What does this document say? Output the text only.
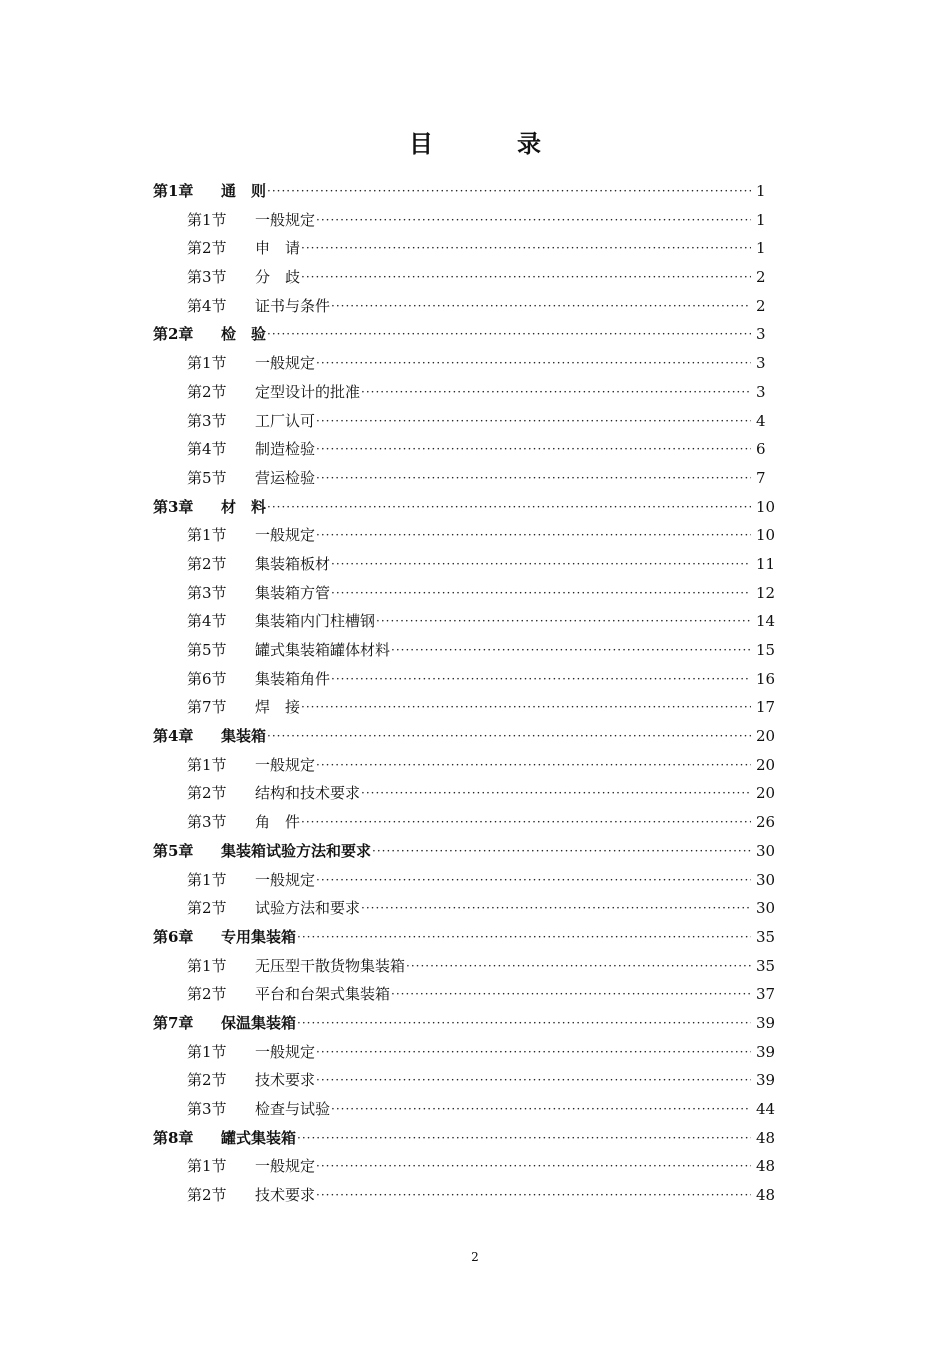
目　录
第1章 通　则 ·····	1
第1节 一般规定 ·····	1
第2节 申　请 ·····	1
第3节 分　歧 ·····	2
第4节 证书与条件 ·····	2
第2章 检　验 ·····	3
第1节 一般规定 ·····	3
第2节 定型设计的批准 ·····	3
第3节 工厂认可 ·····	4
第4节 制造检验 ·····	6
第5节 营运检验 ·····	7
第3章 材　料 ·····	10
第1节 一般规定 ·····	10
第2节 集装箱板材 ·····	11
第3节 集装箱方管 ·····	12
第4节 集装箱内门柱槽钢 ·····	14
第5节 罐式集装箱罐体材料 ·····	15
第6节 集装箱角件 ·····	16
第7节 焊　接 ·····	17
第4章 集装箱 ·····	20
第1节 一般规定 ·····	20
第2节 结构和技术要求 ·····	20
第3节 角　件 ·····	26
第5章 集装箱试验方法和要求 ·····	30
第1节 一般规定 ·····	30
第2节 试验方法和要求 ·····	30
第6章 专用集装箱 ·····	35
第1节 无压型干散货物集装箱 ·····	35
第2节 平台和台架式集装箱 ·····	37
第7章 保温集装箱 ·····	39
第1节 一般规定 ·····	39
第2节 技术要求 ·····	39
第3节 检查与试验 ·····	44
第8章 罐式集装箱 ·····	48
第1节 一般规定 ·····	48
第2节 技术要求 ·····	48
2
